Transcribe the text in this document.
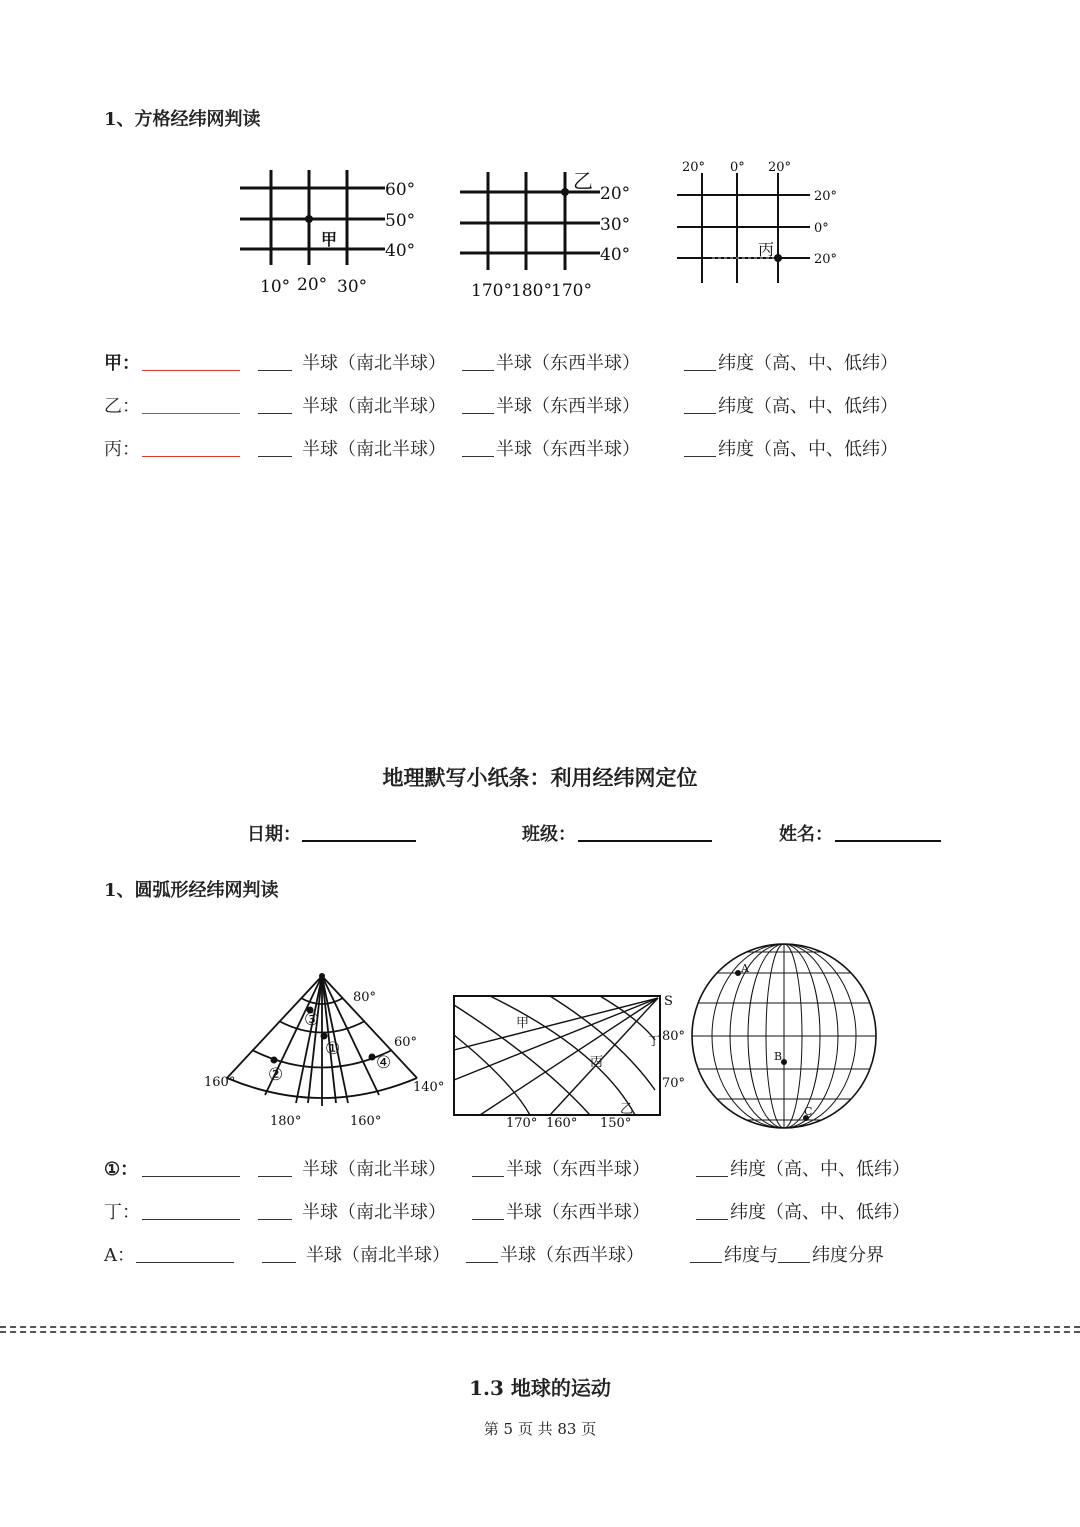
1、方格经纬网判读
60°
50°
40°
10° 20° 30°
甲
20°
30°
40°
170° 180° 170°
乙
20° 0° 20°
20°
0°
20°
丙
甲：	半球（南北半球）	半球（东西半球）	纬度（高、中、低纬）
乙：	半球（南北半球）	半球（东西半球）	纬度（高、中、低纬）
丙：	半球（南北半球）	半球（东西半球）	纬度（高、中、低纬）
地理默写小纸条：利用经纬网定位
日期：	班级：	姓名：
1、圆弧形经纬网判读
80°
60°
160°	140°
180°	160°
①
②
③
④
S
80°
70°
170° 160° 150°
甲
丙
丁
乙
A
B
C
①：	半球（南北半球）	半球（东西半球）	纬度（高、中、低纬）
丁：	半球（南北半球）	半球（东西半球）	纬度（高、中、低纬）
A：	半球（南北半球）	半球（东西半球）	纬度与 纬度分界
1.3 地球的运动
第 5 页 共 83 页
